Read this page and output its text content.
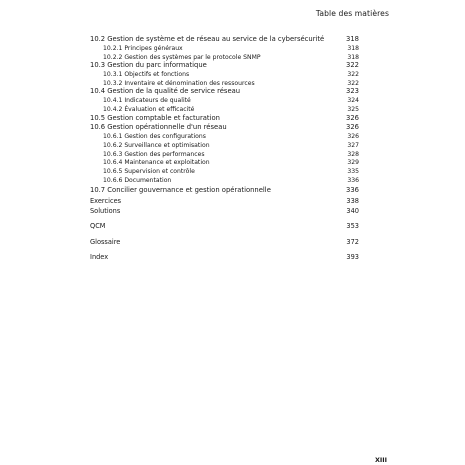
Table des matières
10.2 Gestion de système et de réseau au service de la cybersécurité	318
10.2.1 Principes généraux	318
10.2.2 Gestion des systèmes par le protocole SNMP	318
10.3 Gestion du parc informatique	322
10.3.1 Objectifs et fonctions	322
10.3.2 Inventaire et dénomination des ressources	322
10.4 Gestion de la qualité de service réseau	323
10.4.1 Indicateurs de qualité	324
10.4.2 Évaluation et efficacité	325
10.5 Gestion comptable et facturation	326
10.6 Gestion opérationnelle d'un réseau	326
10.6.1 Gestion des configurations	326
10.6.2 Surveillance et optimisation	327
10.6.3 Gestion des performances	328
10.6.4 Maintenance et exploitation	329
10.6.5 Supervision et contrôle	335
10.6.6 Documentation	336
10.7 Concilier gouvernance et gestion opérationnelle	336
Exercices	338
Solutions	340
QCM	353
Glossaire	372
Index	393
XIII
